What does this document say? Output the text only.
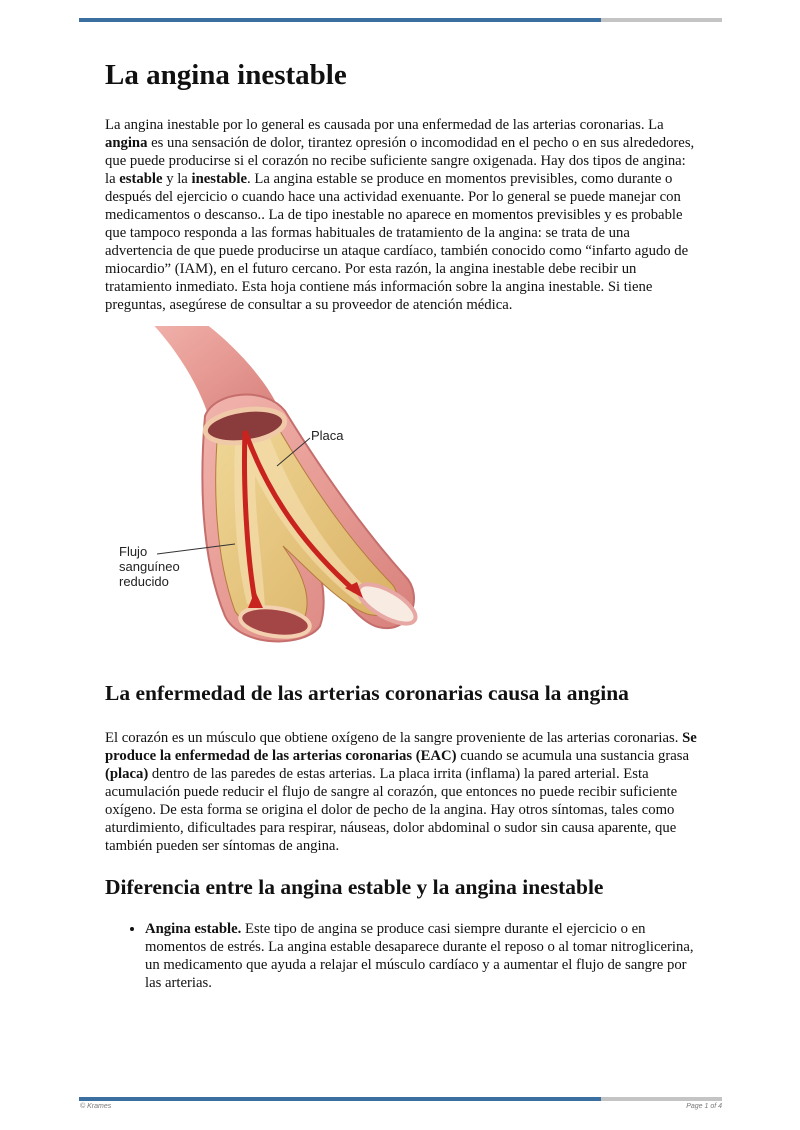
La angina inestable

La angina inestable por lo general es causada por una enfermedad de las arterias coronarias. La angina es una sensación de dolor, tirantez opresión o incomodidad en el pecho o en sus alrededores, que puede producirse si el corazón no recibe suficiente sangre oxigenada. Hay dos tipos de angina: la estable y la inestable. La angina estable se produce en momentos previsibles, como durante o después del ejercicio o cuando hace una actividad exenuante. Por lo general se puede manejar con medicamentos o descanso.. La de tipo inestable no aparece en momentos previsibles y es probable que tampoco responda a las formas habituales de tratamiento de la angina: se trata de una advertencia de que puede producirse un ataque cardíaco, también conocido como “infarto agudo de miocardio” (IAM), en el futuro cercano. Por esta razón, la angina inestable debe recibir un tratamiento inmediato. Esta hoja contiene más información sobre la angina inestable. Si tiene preguntas, asegúrese de consultar a su proveedor de atención médica.

Placa
Flujo
sanguíneo
reducido
La enfermedad de las arterias coronarias causa la angina

El corazón es un músculo que obtiene oxígeno de la sangre proveniente de las arterias coronarias. Se produce la enfermedad de las arterias coronarias (EAC) cuando se acumula una sustancia grasa (placa) dentro de las paredes de estas arterias. La placa irrita (inflama) la pared arterial. Esta acumulación puede reducir el flujo de sangre al corazón, que entonces no puede recibir suficiente oxígeno. De esta forma se origina el dolor de pecho de la angina. Hay otros síntomas, tales como aturdimiento, dificultades para respirar, náuseas, dolor abdominal o sudor sin causa aparente, que también pueden ser síntomas de angina.

Diferencia entre la angina estable y la angina inestable
• Angina estable. Este tipo de angina se produce casi siempre durante el ejercicio o en momentos de estrés. La angina estable desaparece durante el reposo o al tomar nitroglicerina, un medicamento que ayuda a relajar el músculo cardíaco y a aumentar el flujo de sangre por las arterias.
© Krames	Page 1 of 4
